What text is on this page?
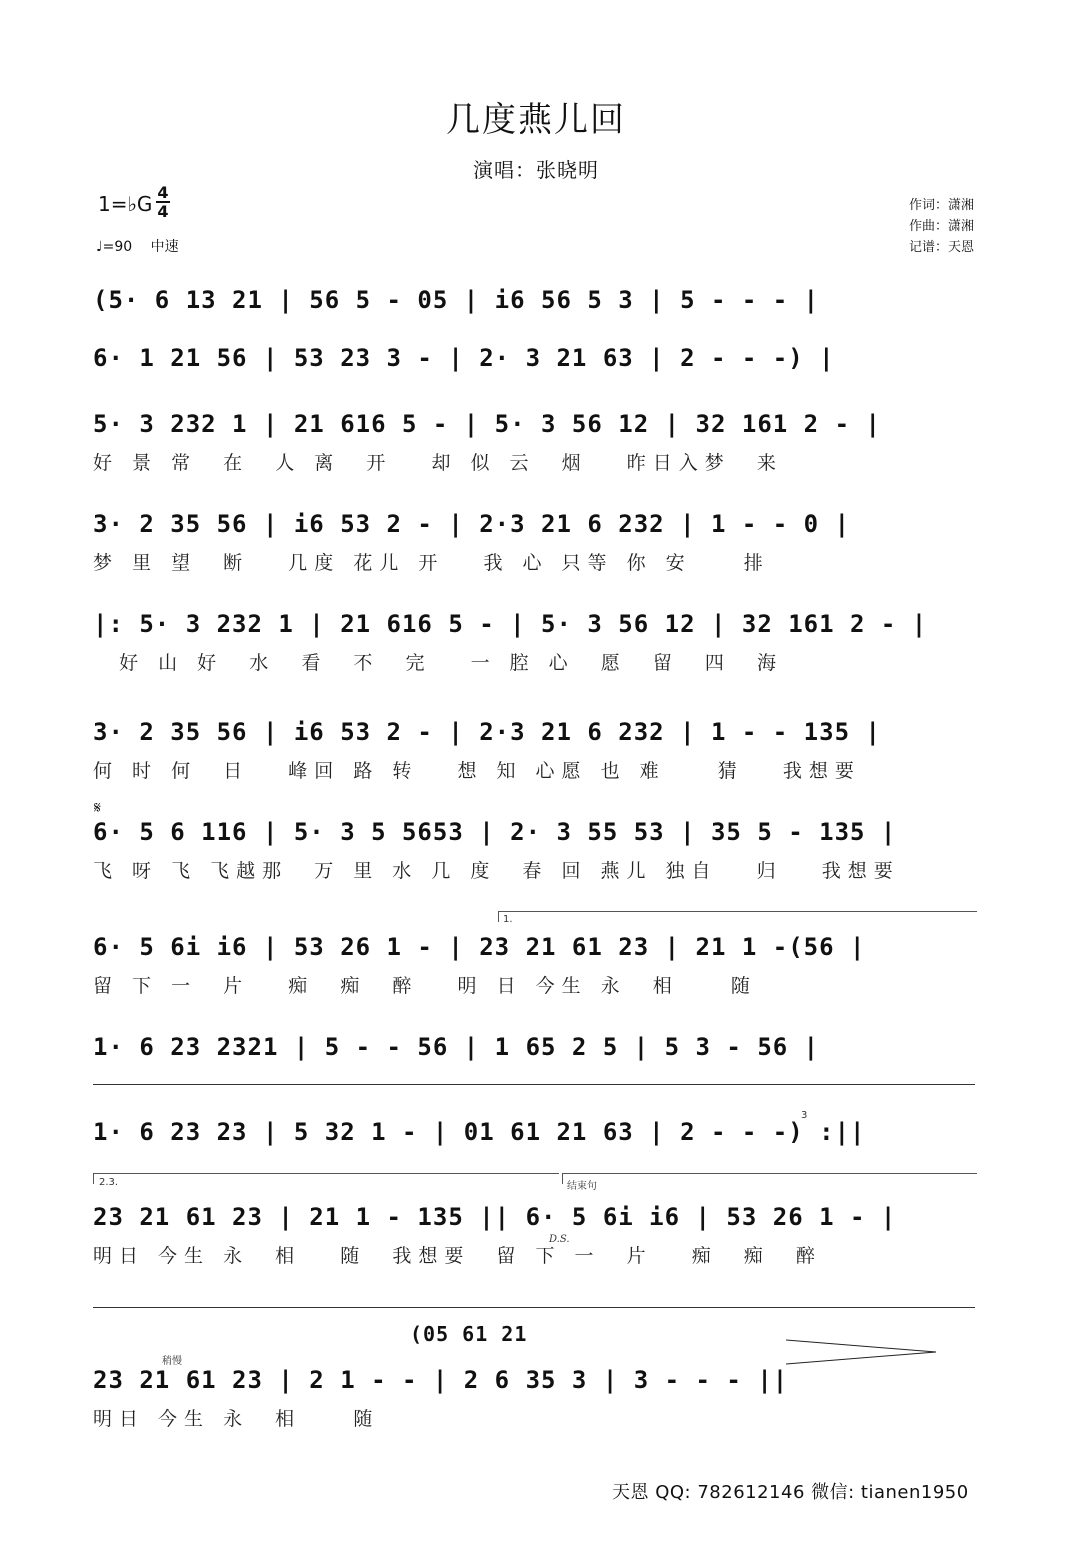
几度燕儿回
演唱：张晓明
1=♭G $\frac{4}{4}$
♩=90 中速
作词：潇湘
作曲：潇湘
记谱：天恩
(5· 6 13 21 | 56 5 - 05 | i6 56 5 3 | 5 - - - |
6· 1 21 56 | 53 23 3 - | 2· 3 21 63 | 2 - - -) |
5· 3 232 1 | 21 616 5 - | 5· 3 56 12 | 32 161 2 - |
好 景 常  在  人 离  开   却 似 云  烟   昨日入梦  来
3· 2 35 56 | i6 53 2 - | 2·3 21 6 232 | 1 - - 0 |
梦 里 望  断   几度 花儿 开   我 心 只等 你 安    排
|: 5· 3 232 1 | 21 616 5 - | 5· 3 56 12 | 32 161 2 - |
好 山 好  水  看  不  完   一 腔 心  愿  留  四  海
3· 2 35 56 | i6 53 2 - | 2·3 21 6 232 | 1 - - 135 |
何 时 何  日   峰回 路 转   想 知 心愿 也 难    猜   我想要
𝄋
6· 5 6 116 | 5· 3 5 5653 | 2· 3 55 53 | 35 5 - 135 |
飞 呀 飞 飞越那  万 里 水 几 度  春 回 燕儿 独自   归   我想要
1.
6· 5 6i i6 | 53 26 1 - | 23 21 61 23 | 21 1 -(56 |
留 下 一  片   痴  痴  醉   明 日 今生 永  相    随
1· 6 23 2321 | 5 - - 56 | 1 65 2 5 | 5 3 - 56 |
1· 6 23 23 | 5 32 1 - | 01 61 21 63 | 2 - - -) :||
3
2.3.	结束句
23 21 61 23 | 21 1 - 135 || 6· 5 6i i6 | 53 26 1 - |
D.S.
明日 今生 永  相   随  我想要  留 下 一  片   痴  痴  醉
(05 61 21
稍慢
23 21 61 23 | 2 1 - - | 2 6 35 3 | 3 - - - ||
明日 今生 永  相    随
天恩 QQ: 782612146 微信: tianen1950
